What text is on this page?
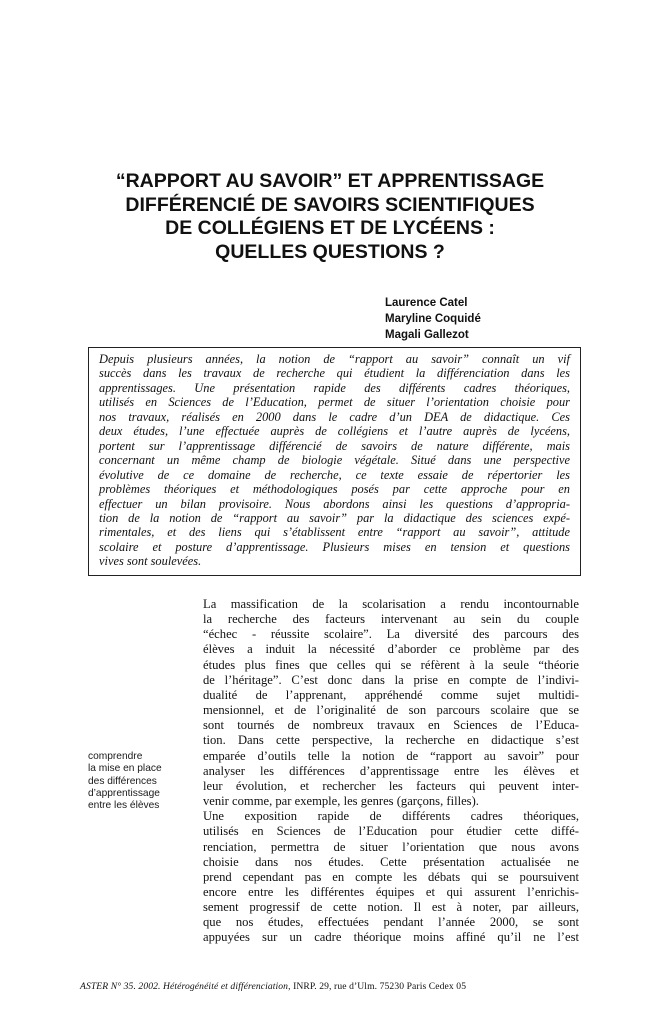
“RAPPORT AU SAVOIR” ET APPRENTISSAGE
DIFFÉRENCIÉ DE SAVOIRS SCIENTIFIQUES
DE COLLÉGIENS ET DE LYCÉENS :
QUELLES QUESTIONS ?
Laurence Catel
Maryline Coquidé
Magali Gallezot
Depuis plusieurs années, la notion de “rapport au savoir” connaît un vif
succès dans les travaux de recherche qui étudient la différenciation dans les
apprentissages. Une présentation rapide des différents cadres théoriques,
utilisés en Sciences de l’Education, permet de situer l’orientation choisie pour
nos travaux, réalisés en 2000 dans le cadre d’un DEA de didactique. Ces
deux études, l’une effectuée auprès de collégiens et l’autre auprès de lycéens,
portent sur l’apprentissage différencié de savoirs de nature différente, mais
concernant un même champ de biologie végétale. Situé dans une perspective
évolutive de ce domaine de recherche, ce texte essaie de répertorier les
problèmes théoriques et méthodologiques posés par cette approche pour en
effectuer un bilan provisoire. Nous abordons ainsi les questions d’appropria-
tion de la notion de “rapport au savoir” par la didactique des sciences expé-
rimentales, et des liens qui s’établissent entre “rapport au savoir”, attitude
scolaire et posture d’apprentissage. Plusieurs mises en tension et questions
vives sont soulevées.
comprendre
la mise en place
des différences
d’apprentissage
entre les élèves
La massification de la scolarisation a rendu incontournable
la recherche des facteurs intervenant au sein du couple
“échec - réussite scolaire”. La diversité des parcours des
élèves a induit la nécessité d’aborder ce problème par des
études plus fines que celles qui se réfèrent à la seule “théorie
de l’héritage”. C’est donc dans la prise en compte de l’indivi-
dualité de l’apprenant, appréhendé comme sujet multidi-
mensionnel, et de l’originalité de son parcours scolaire que se
sont tournés de nombreux travaux en Sciences de l’Educa-
tion. Dans cette perspective, la recherche en didactique s’est
emparée d’outils telle la notion de “rapport au savoir” pour
analyser les différences d’apprentissage entre les élèves et
leur évolution, et rechercher les facteurs qui peuvent inter-
venir comme, par exemple, les genres (garçons, filles).
Une exposition rapide de différents cadres théoriques,
utilisés en Sciences de l’Education pour étudier cette diffé-
renciation, permettra de situer l’orientation que nous avons
choisie dans nos études. Cette présentation actualisée ne
prend cependant pas en compte les débats qui se poursuivent
encore entre les différentes équipes et qui assurent l’enrichis-
sement progressif de cette notion. Il est à noter, par ailleurs,
que nos études, effectuées pendant l’année 2000, se sont
appuyées sur un cadre théorique moins affiné qu’il ne l’est
ASTER N° 35. 2002. Hétérogénéité et différenciation, INRP. 29, rue d’Ulm. 75230 Paris Cedex 05
